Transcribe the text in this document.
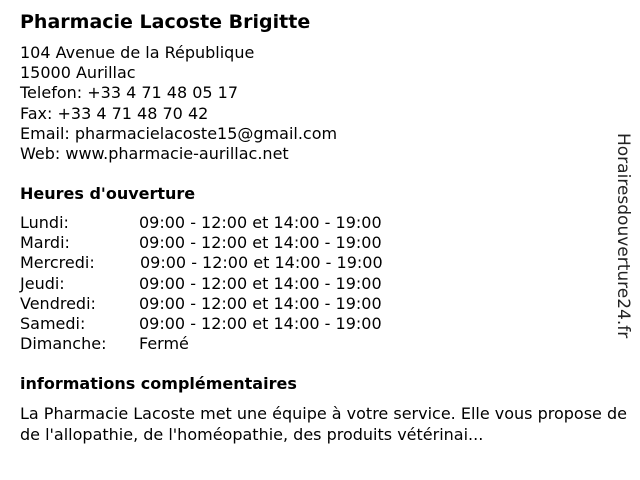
Pharmacie Lacoste Brigitte
104 Avenue de la République
15000 Aurillac
Telefon: +33 4 71 48 05 17
Fax: +33 4 71 48 70 42
Email: pharmacielacoste15@gmail.com
Web: www.pharmacie-aurillac.net
Heures d'ouverture
Lundi:	09:00 - 12:00 et 14:00 - 19:00
Mardi:	09:00 - 12:00 et 14:00 - 19:00
Mercredi:	09:00 - 12:00 et 14:00 - 19:00
Jeudi:	09:00 - 12:00 et 14:00 - 19:00
Vendredi:	09:00 - 12:00 et 14:00 - 19:00
Samedi:	09:00 - 12:00 et 14:00 - 19:00
Dimanche: Fermé
informations complémentaires
La Pharmacie Lacoste met une équipe à votre service. Elle vous propose de de l'allopathie, de l'homéopathie, des produits vétérinai...
Horairesdouverture24.fr
